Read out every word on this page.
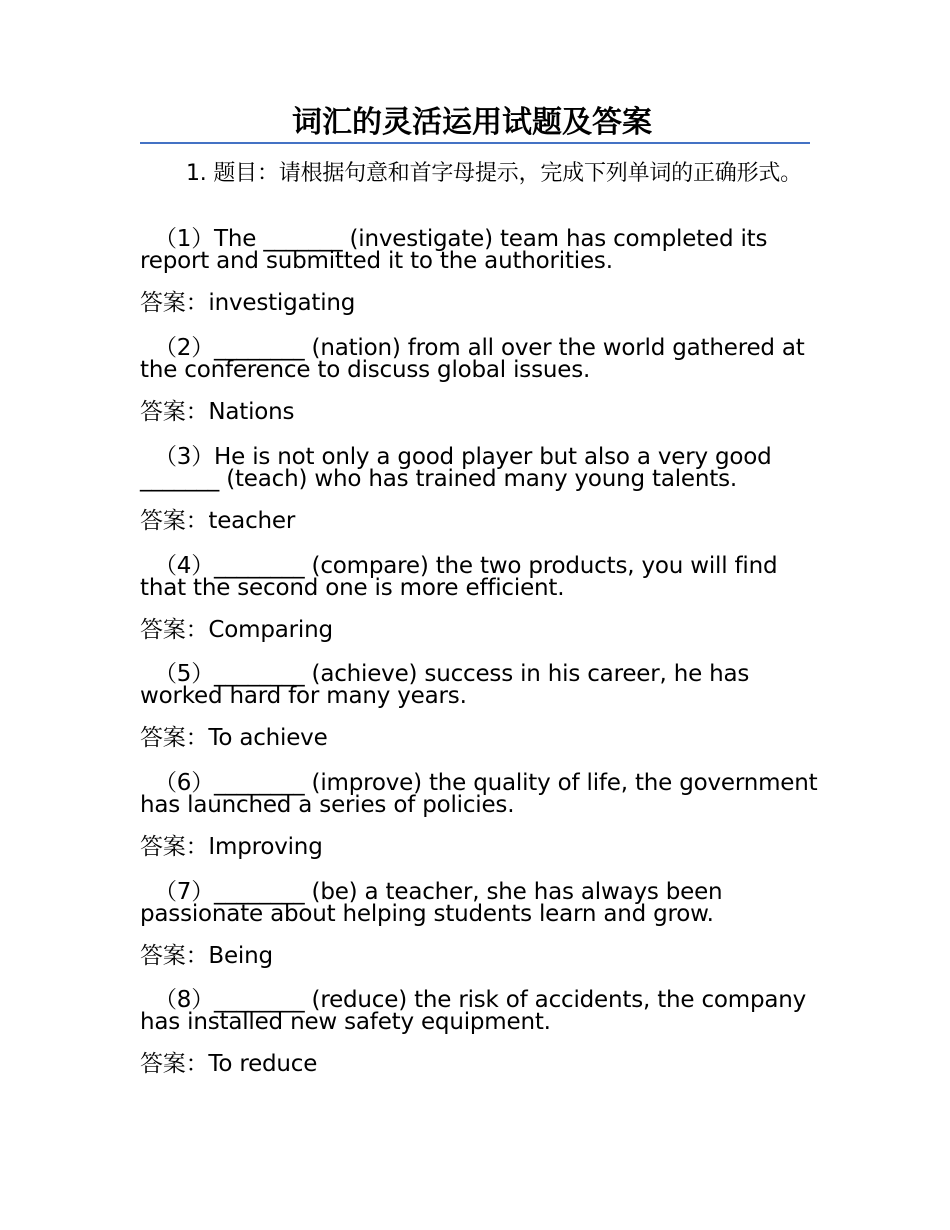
词汇的灵活运用试题及答案
1. 题目：请根据句意和首字母提示，完成下列单词的正确形式。
（1）The _______ (investigate) team has completed its report and submitted it to the authorities.
答案：investigating
（2）________ (nation) from all over the world gathered at the conference to discuss global issues.
答案：Nations
（3）He is not only a good player but also a very good _______ (teach) who has trained many young talents.
答案：teacher
（4）________ (compare) the two products, you will find that the second one is more efficient.
答案：Comparing
（5）________ (achieve) success in his career, he has worked hard for many years.
答案：To achieve
（6）________ (improve) the quality of life, the government has launched a series of policies.
答案：Improving
（7）________ (be) a teacher, she has always been passionate about helping students learn and grow.
答案：Being
（8）________ (reduce) the risk of accidents, the company has installed new safety equipment.
答案：To reduce
